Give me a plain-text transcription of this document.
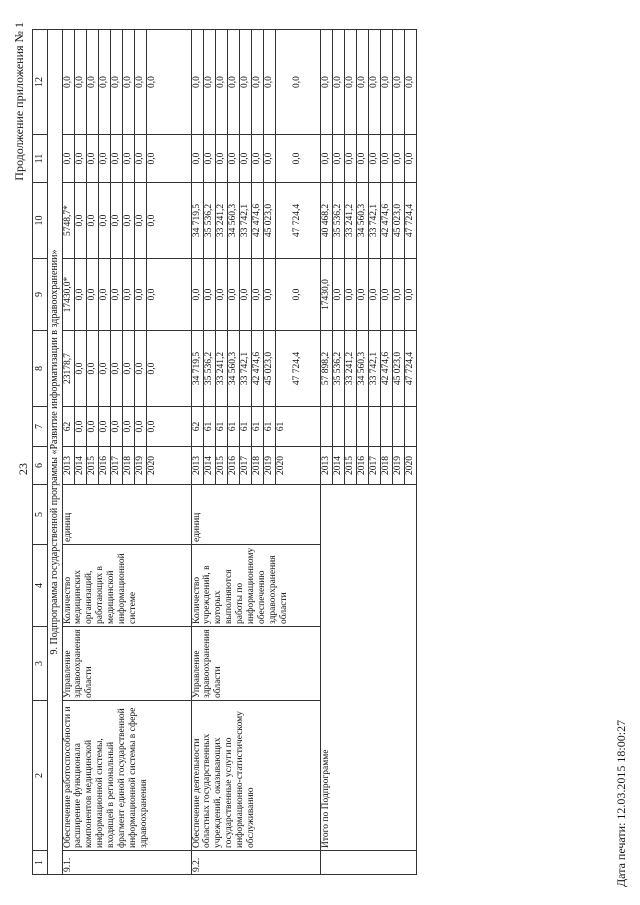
23
Продолжение приложения № 1
1	2	3	4	5	6	7	8	9	10	11	12
9. Подпрограмма государственной программы «Развитие информатизации в здравоохранении»											
9.1.	Обеспечение работоспособности и расширение функционала компонентов медицинской информационной системы, входящей в региональный фрагмент единой государственной информационной системы в сфере здравоохранения	Управление здравоохранения области	Количество медицинских организаций, работающих в медицинской информационной системе	единиц	2013	62	23178,7	17430,0*	5748,7*	0,0	0,0
					2014	0,0	0,0	0,0	0,0	0,0	0,0
					2015	0,0	0,0	0,0	0,0	0,0	0,0
					2016	0,0	0,0	0,0	0,0	0,0	0,0
					2017	0,0	0,0	0,0	0,0	0,0	0,0
					2018	0,0	0,0	0,0	0,0	0,0	0,0
					2019	0,0	0,0	0,0	0,0	0,0	0,0
					2020	0,0	0,0	0,0	0,0	0,0	0,0
9.2.	Обеспечение деятельности областных государственных учреждений, оказывающих государственные услуги по информационно-статистическому обслуживанию	Управление здравоохранения области	Количество учреждений, в которых выполняются работы по информационному обеспечению здравоохранения области	единиц	2013	62	34 719,5	0,0	34 719,5	0,0	0,0
					2014	61	35 536,2	0,0	35 536,2	0,0	0,0
					2015	61	33 241,2	0,0	33 241,2	0,0	0,0
					2016	61	34 560,3	0,0	34 560,3	0,0	0,0
					2017	61	33 742,1	0,0	33 742,1	0,0	0,0
					2018	61	42 474,6	0,0	42 474,6	0,0	0,0
					2019	61	45 023,0	0,0	45 023,0	0,0	0,0
					2020	61	47 724,4	0,0	47 724,4	0,0	0,0
	Итого по Подпрограмме				2013		57 898,2	17430,0	40 468,2	0,0	0,0
					2014		35 536,2	0,0	35 536,2	0,0	0,0
					2015		33 241,2	0,0	33 241,2	0,0	0,0
					2016		34 560,3	0,0	34 560,3	0,0	0,0
					2017		33 742,1	0,0	33 742,1	0,0	0,0
					2018		42 474,6	0,0	42 474,6	0,0	0,0
					2019		45 023,0	0,0	45 023,0	0,0	0,0
					2020		47 724,4	0,0	47 724,4	0,0	0,0
Дата печати: 12.03.2015 18:00:27
